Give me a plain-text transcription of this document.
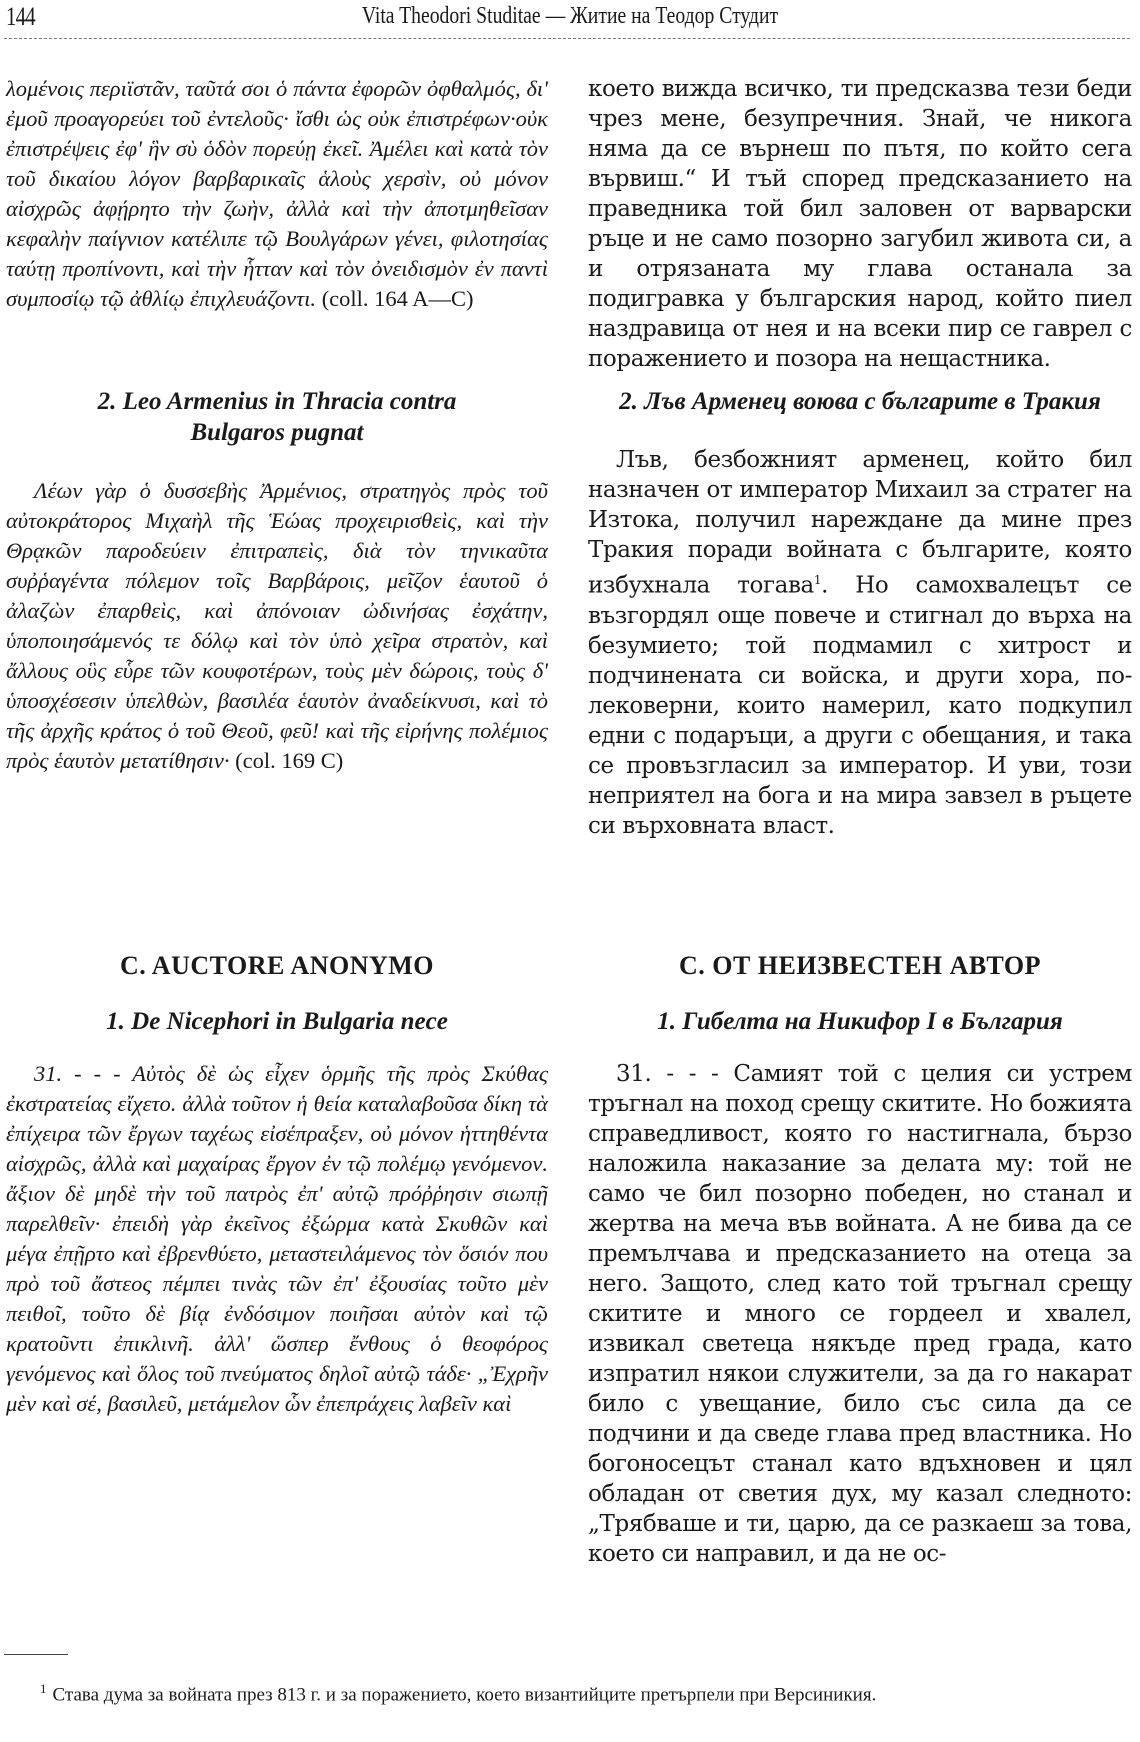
144	Vita Theodori Studitae — Житие на Теодор Студит

λομένοις περιϊστᾶν, ταῦτά σοι ὁ πάντα ἐφορῶν ὀφθαλμός, δι' ἐμοῦ προαγορεύει τοῦ ἐντελοῦς· ἴσθι ὡς οὐκ ἐπιστρέφων·οὐκ ἐπιστρέψεις ἐφ' ἣν σὺ ὁδὸν πορεύῃ ἐκεῖ. Ἀμέλει καὶ κατὰ τὸν τοῦ δικαίου λόγον βαρβαρικαῖς ἁλοὺς χερσὶν, οὐ μόνον αἰσχρῶς ἀφῄρητο τὴν ζωὴν, ἀλλὰ καὶ τὴν ἀποτμηθεῖσαν κεφαλὴν παίγνιον κατέλιπε τῷ Βουλγάρων γένει, φιλοτησίας ταύτῃ προπίνοντι, καὶ τὴν ἧτταν καὶ τὸν ὀνειδισμὸν ἐν παντὶ συμποσίῳ τῷ ἀθλίῳ ἐπιχλευάζοντι. (coll. 164 A—C)

2. Leo Armenius in Thracia contra Bulgaros pugnat

Λέων γὰρ ὁ δυσσεβὴς Ἀρμένιος, στρατηγὸς πρὸς τοῦ αὐτοκράτορος Μιχαὴλ τῆς Ἑώας προχειρισθεὶς, καὶ τὴν Θρᾳκῶν παροδεύειν ἐπιτραπεὶς, διὰ τὸν τηνικαῦτα συῤῥαγέντα πόλεμον τοῖς Βαρβάροις, μεῖζον ἑαυτοῦ ὁ ἀλαζὼν ἐπαρθεὶς, καὶ ἀπόνοιαν ὠδινήσας ἐσχάτην, ὑποποιησάμενός τε δόλῳ καὶ τὸν ὑπὸ χεῖρα στρατὸν, καὶ ἄλλους οὓς εὗρε τῶν κουφοτέρων, τοὺς μὲν δώροις, τοὺς δ' ὑποσχέσεσιν ὑπελθὼν, βασιλέα ἑαυτὸν ἀναδείκνυσι, καὶ τὸ τῆς ἀρχῆς κράτος ὁ τοῦ Θεοῦ, φεῦ! καὶ τῆς εἰρήνης πολέμιος πρὸς ἑαυτὸν μετατίθησιν· (col. 169 C)

C. AUCTORE ANONYMO
1. De Nicephori in Bulgaria nece

31. - - - Αὐτὸς δὲ ὡς εἶχεν ὁρμῆς τῆς πρὸς Σκύθας ἐκστρατείας εἴχετο. ἀλλὰ τοῦτον ἡ θεία καταλαβοῦσα δίκη τὰ ἐπίχειρα τῶν ἔργων ταχέως εἰσέπραξεν, οὐ μόνον ἡττηθέντα αἰσχρῶς, ἀλλὰ καὶ μαχαίρας ἔργον ἐν τῷ πολέμῳ γενόμενον. ἄξιον δὲ μηδὲ τὴν τοῦ πατρὸς ἐπ' αὐτῷ πρόῤῥησιν σιωπῇ παρελθεῖν· ἐπειδὴ γὰρ ἐκεῖνος ἐξώρμα κατὰ Σκυθῶν καὶ μέγα ἐπῇρτο καὶ ἐβρενθύετο, μεταστειλάμενος τὸν ὅσιόν που πρὸ τοῦ ἄστεος πέμπει τινὰς τῶν ἐπ' ἐξουσίας τοῦτο μὲν πειθοῖ, τοῦτο δὲ βίᾳ ἐνδόσιμον ποιῆσαι αὐτὸν καὶ τῷ κρατοῦντι ἐπικλινῆ. ἀλλ' ὥσπερ ἔνθους ὁ θεοφόρος γενόμενος καὶ ὅλος τοῦ πνεύματος δηλοῖ αὐτῷ τάδε· „Ἐχρῆν μὲν καὶ σέ, βασιλεῦ, μετάμελον ὧν ἐπεπράχεις λαβεῖν καὶ

което вижда всичко, ти предсказва тези беди чрез мене, безупречния. Знай, че никога няма да се върнеш по пътя, по който сега вървиш.“ И тъй според предсказанието на праведника той бил заловен от варварски ръце и не само позорно загубил живота си, а и отрязаната му глава останала за подигравка у българския народ, който пиел наздравица от нея и на всеки пир се гаврел с поражението и позора на нещастника.

2. Лъв Арменец воюва с българите в Тракия

Лъв, безбожният арменец, който бил назначен от император Михаил за стратег на Изтока, получил нареждане да мине през Тракия поради войната с българите, която избухнала тогава$^1$. Но самохвалецът се възгордял още повече и стигнал до върха на безумието; той подмамил с хитрост и подчинената си войска, и други хора, по-лековерни, които намерил, като подкупил едни с подаръци, а други с обещания, и така се провъзгласил за император. И уви, този неприятел на бога и на мира завзел в ръцете си върховната власт.

С. ОТ НЕИЗВЕСТЕН АВТОР
1. Гибелта на Никифор I в България

31. - - - Самият той с целия си устрем тръгнал на поход срещу скитите. Но божията справедливост, която го настигнала, бързо наложила наказание за делата му: той не само че бил позорно победен, но станал и жертва на меча във войната. А не бива да се премълчава и предсказанието на отеца за него. Защото, след като той тръгнал срещу скитите и много се гордеел и хвалел, извикал светеца някъде пред града, като изпратил някои служители, за да го накарат било с увещание, било със сила да се подчини и да сведе глава пред властника. Но богоносецът станал като вдъхновен и цял обладан от светия дух, му казал следното: „Трябваше и ти, царю, да се разкаеш за това, което си направил, и да не ос-

$^1$ Става дума за войната през 813 г. и за поражението, което византийците претърпели при Версиникия.
